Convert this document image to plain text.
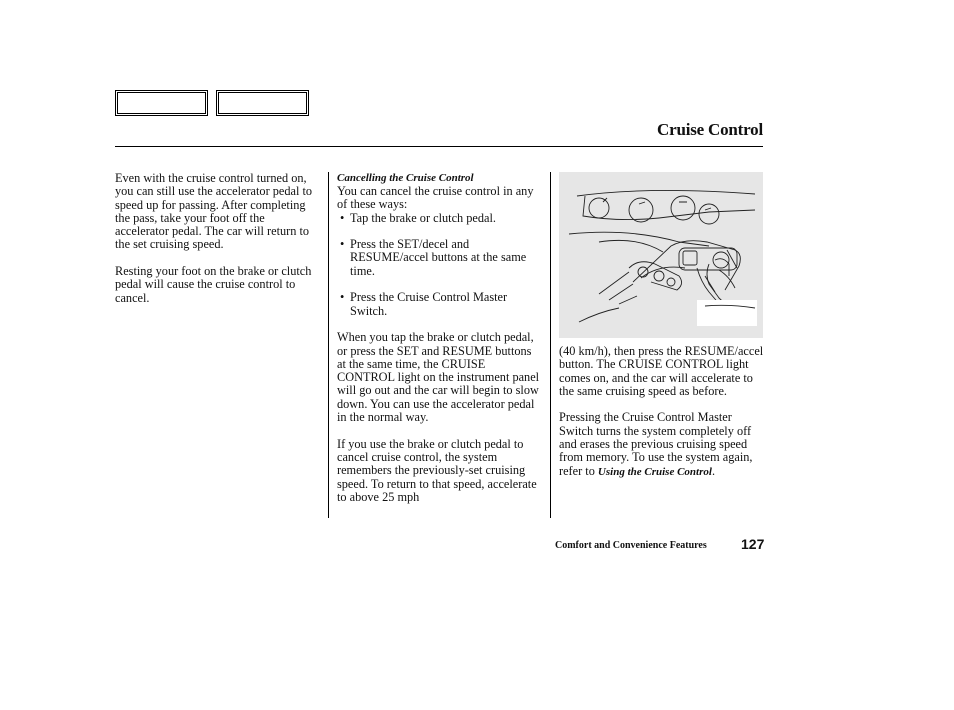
Cruise Control

Even with the cruise control turned on, you can still use the accelerator pedal to speed up for passing. After completing the pass, take your foot off the accelerator pedal. The car will return to the set cruising speed.

Resting your foot on the brake or clutch pedal will cause the cruise control to cancel.

Cancelling the Cruise Control

You can cancel the cruise control in any of these ways:

• Tap the brake or clutch pedal.
• Press the SET/decel and RESUME/accel buttons at the same time.
• Press the Cruise Control Master Switch.

When you tap the brake or clutch pedal, or press the SET and RESUME buttons at the same time, the CRUISE CONTROL light on the instrument panel will go out and the car will begin to slow down. You can use the accelerator pedal in the normal way.

If you use the brake or clutch pedal to cancel cruise control, the system remembers the previously-set cruising speed. To return to that speed, accelerate to above 25 mph

(40 km/h), then press the RESUME/accel button. The CRUISE CONTROL light comes on, and the car will accelerate to the same cruising speed as before.

Pressing the Cruise Control Master Switch turns the system completely off and erases the previous cruising speed from memory. To use the system again, refer to Using the Cruise Control.

Comfort and Convenience Features 127
